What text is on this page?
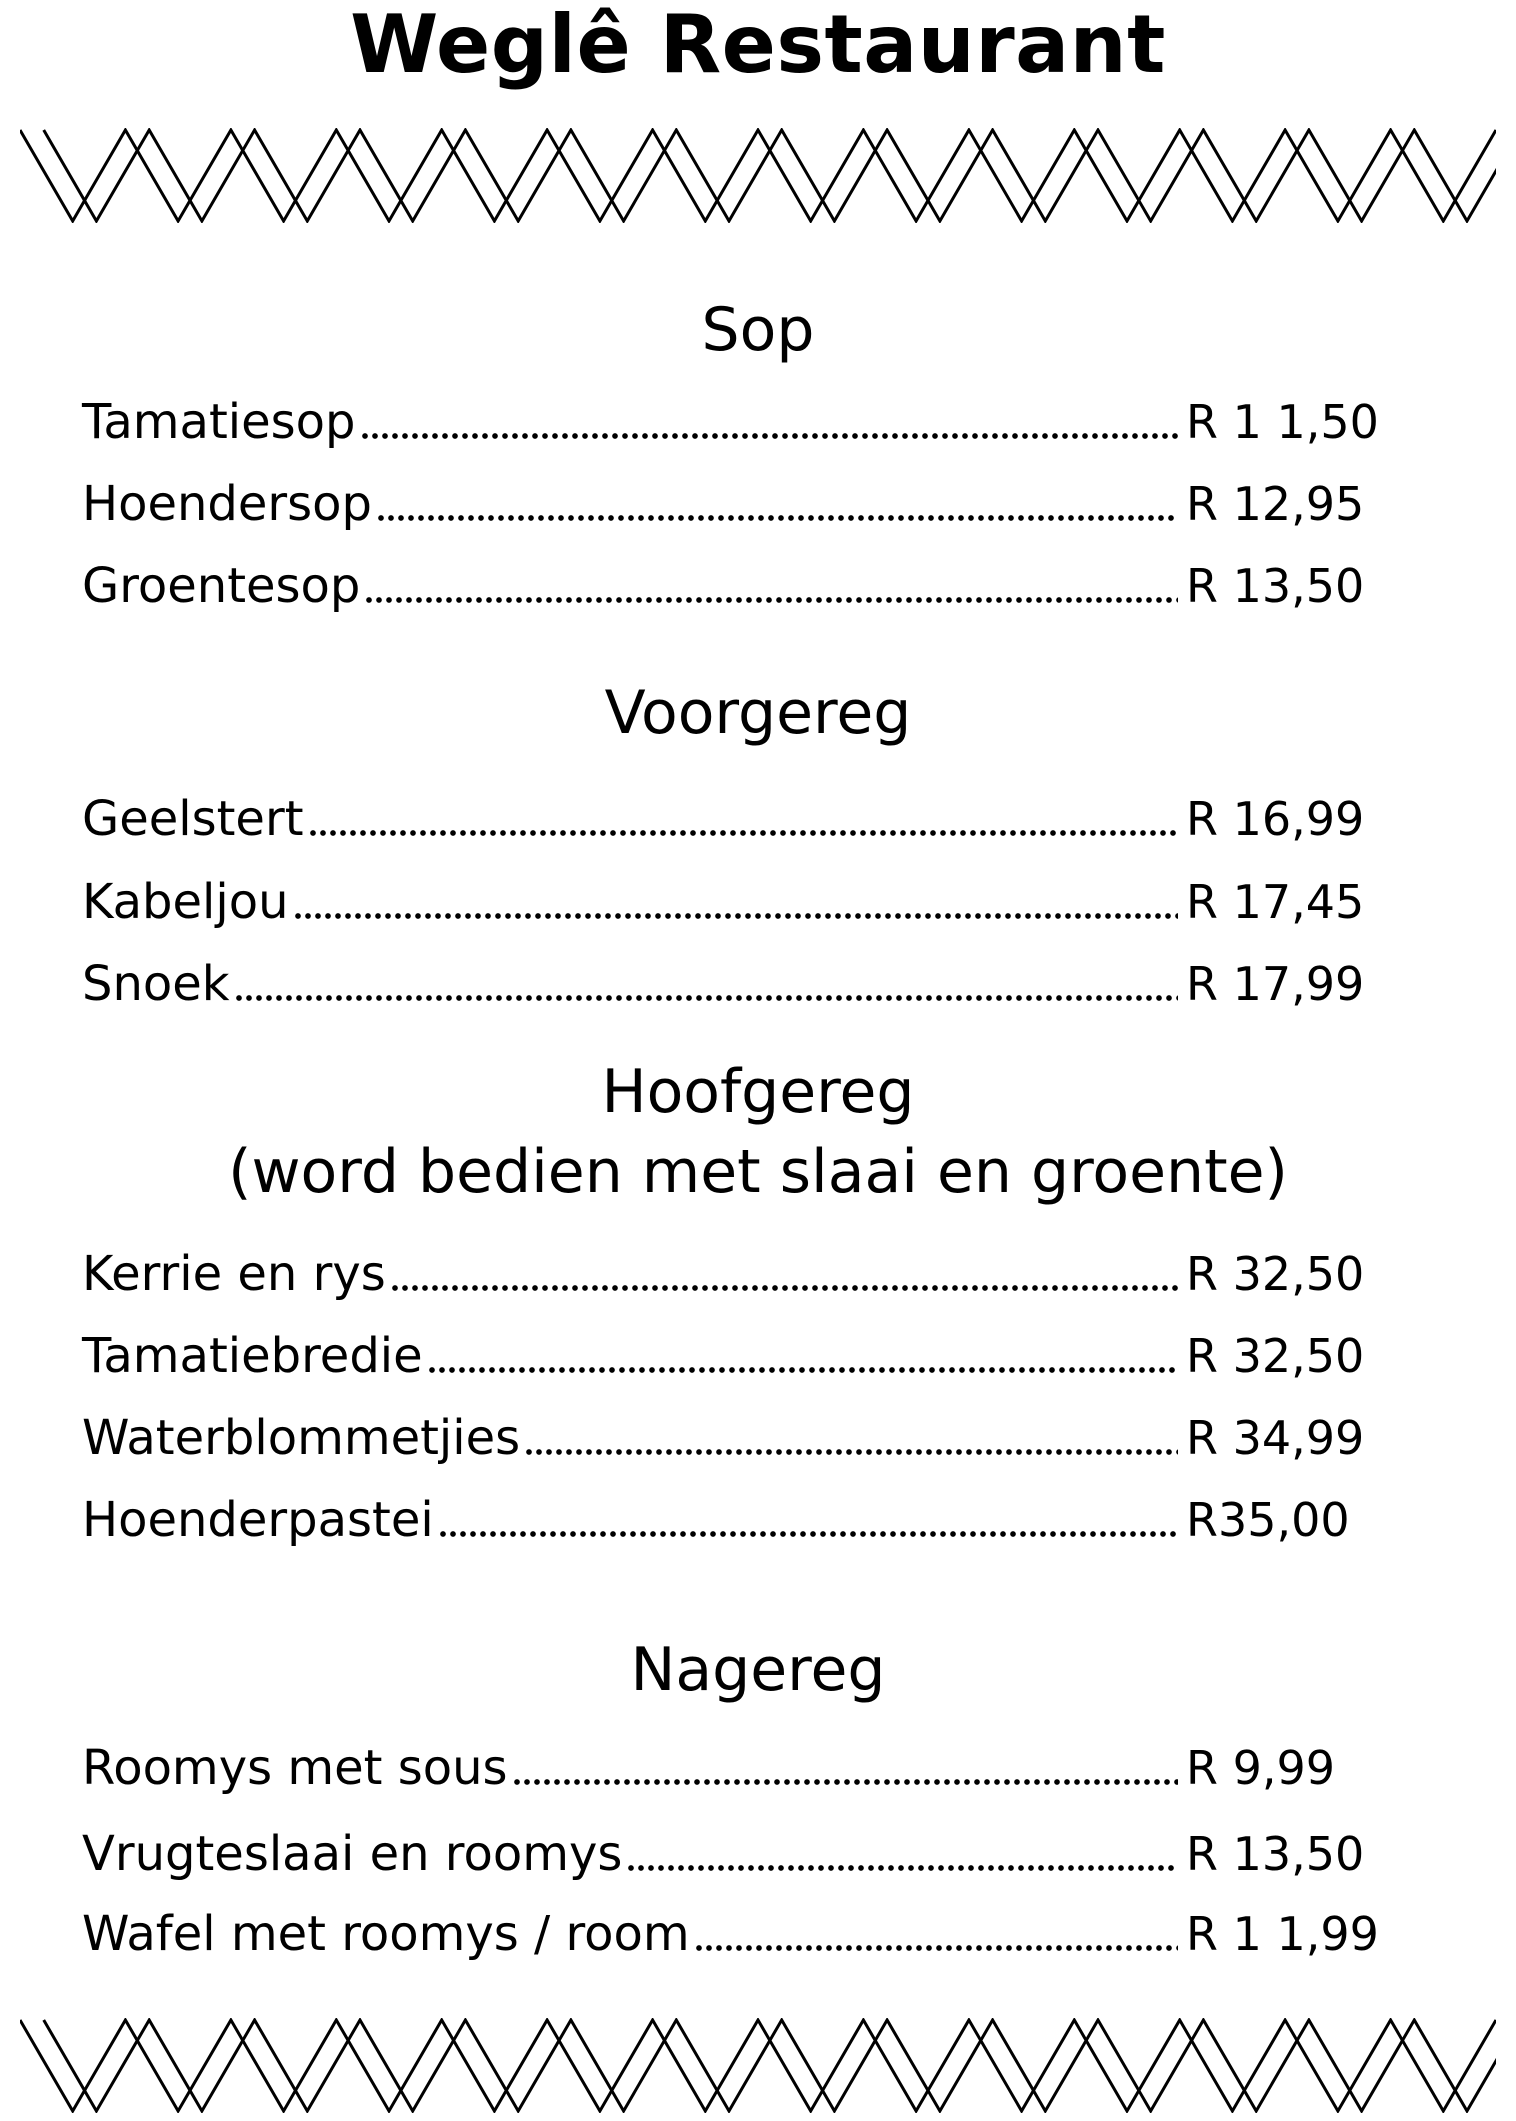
Weglê Restaurant
Sop
Tamatiesop	R 1 1,50
Hoendersop	R 12,95
Groentesop	R 13,50
Voorgereg
Geelstert	R 16,99
Kabeljou	R 17,45
Snoek	R 17,99
Hoofgereg
(word bedien met slaai en groente)
Kerrie en rys	R 32,50
Tamatiebredie	R 32,50
Waterblommetjies	R 34,99
Hoenderpastei	R35,00
Nagereg
Roomys met sous	R 9,99
Vrugteslaai en roomys	R 13,50
Wafel met roomys / room	R 1 1,99
